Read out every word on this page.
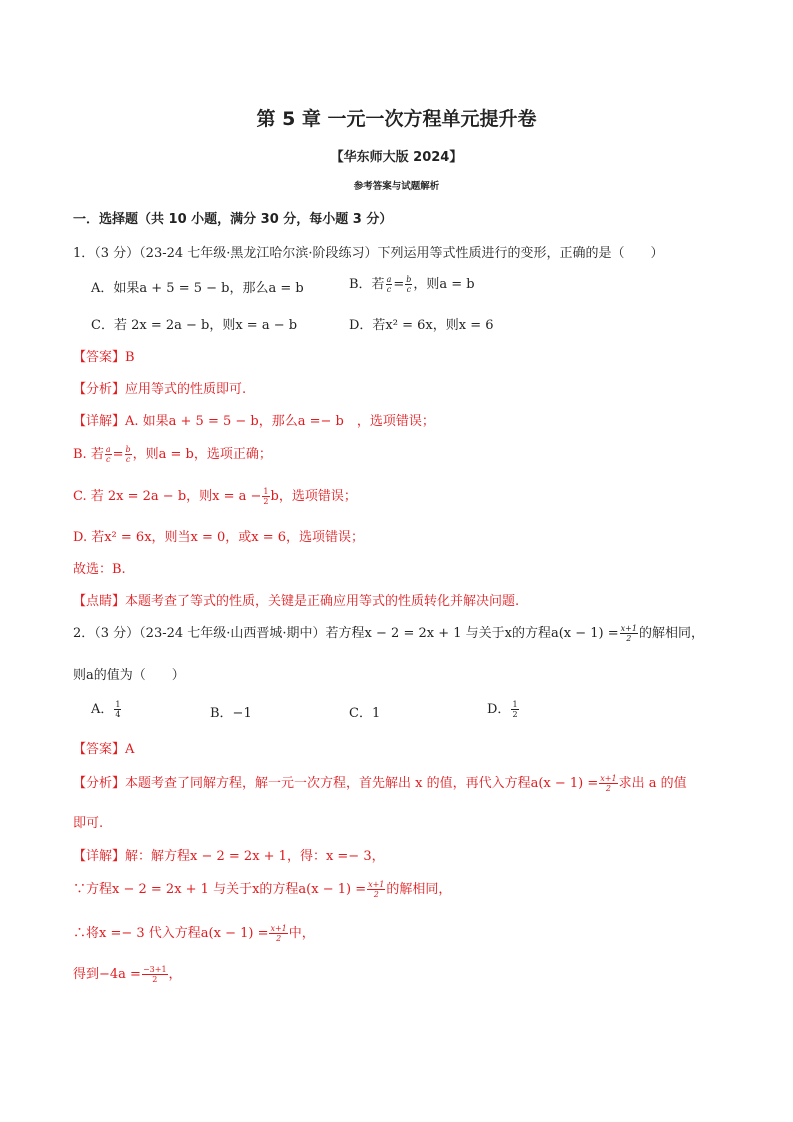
第 5 章 一元一次方程单元提升卷
【华东师大版 2024】
参考答案与试题解析
一．选择题（共 10 小题，满分 30 分，每小题 3 分）
1．（3 分）（23-24 七年级·黑龙江哈尔滨·阶段练习）下列运用等式性质进行的变形，正确的是（　　）
A．如果a + 5 = 5 − b，那么a = b	B．若 $\frac{a}{c} = \frac{b}{c}$ ，则a = b
C．若 2x = 2a − b，则x = a − b	D．若x² = 6x，则x = 6
【答案】B
【分析】应用等式的性质即可.
【详解】A. 如果a + 5 = 5 − b，那么a =− b　，选项错误；
B. 若 $\frac{a}{c} = \frac{b}{c}$ ，则a = b，选项正确；
C. 若 2x = 2a − b，则$x = a - \frac{1}{2}$ b，选项错误；
D. 若x² = 6x，则当x = 0，或x = 6，选项错误；
故选：B.
【点睛】本题考查了等式的性质，关键是正确应用等式的性质转化并解决问题.
2．（3 分）（23-24 七年级·山西晋城·期中）若方程x − 2 = 2x + 1 与关于x的方程$a(x - 1) = \frac{x+1}{2}$ 的解相同，
则a的值为（　　）
A． $\frac{1}{4}$	B．−1	C．1	D． $\frac{1}{2}$
【答案】A
【分析】本题考查了同解方程，解一元一次方程，首先解出 x 的值，再代入方程$a(x - 1) = \frac{x+1}{2}$ 求出 a 的值
即可.
【详解】解：解方程x − 2 = 2x + 1，得：x =− 3，
∵方程x − 2 = 2x + 1 与关于x的方程$a(x - 1) = \frac{x+1}{2}$ 的解相同，
∴将x =− 3 代入方程$a(x - 1) = \frac{x+1}{2}$ 中，
得到$-4a = \frac{-3+1}{2}$ ，
